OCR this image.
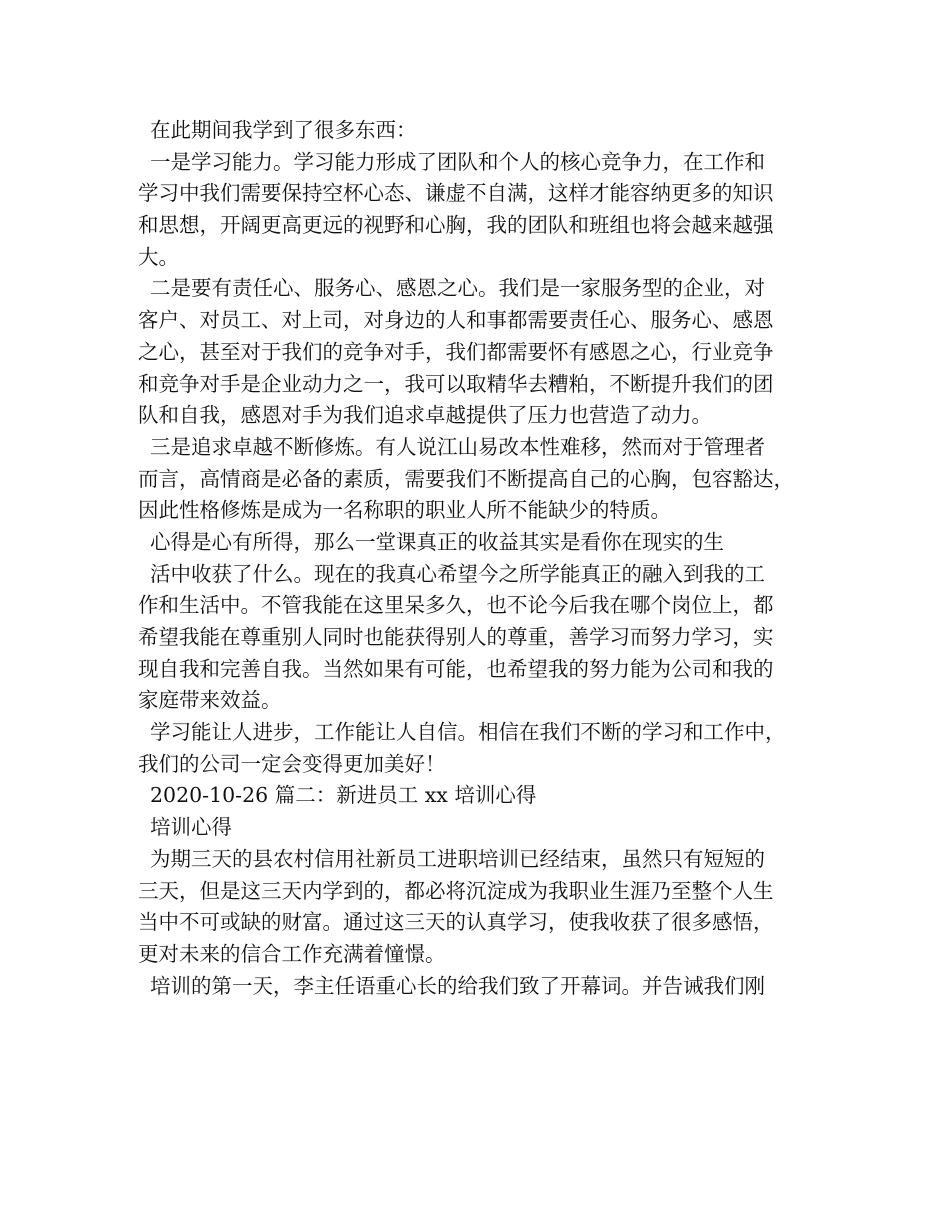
在此期间我学到了很多东西：
一是学习能力。学习能力形成了团队和个人的核心竞争力，在工作和
学习中我们需要保持空杯心态、谦虚不自满，这样才能容纳更多的知识
和思想，开阔更高更远的视野和心胸，我的团队和班组也将会越来越强
大。
二是要有责任心、服务心、感恩之心。我们是一家服务型的企业，对
客户、对员工、对上司，对身边的人和事都需要责任心、服务心、感恩
之心，甚至对于我们的竞争对手，我们都需要怀有感恩之心，行业竞争
和竞争对手是企业动力之一，我可以取精华去糟粕，不断提升我们的团
队和自我，感恩对手为我们追求卓越提供了压力也营造了动力。
三是追求卓越不断修炼。有人说江山易改本性难移，然而对于管理者
而言，高情商是必备的素质，需要我们不断提高自己的心胸，包容豁达，
因此性格修炼是成为一名称职的职业人所不能缺少的特质。
心得是心有所得，那么一堂课真正的收益其实是看你在现实的生
活中收获了什么。现在的我真心希望今之所学能真正的融入到我的工
作和生活中。不管我能在这里呆多久，也不论今后我在哪个岗位上，都
希望我能在尊重别人同时也能获得别人的尊重，善学习而努力学习，实
现自我和完善自我。当然如果有可能，也希望我的努力能为公司和我的
家庭带来效益。
学习能让人进步，工作能让人自信。相信在我们不断的学习和工作中，
我们的公司一定会变得更加美好！
2020-10-26 篇二：新进员工 xx 培训心得
培训心得
为期三天的县农村信用社新员工进职培训已经结束，虽然只有短短的
三天，但是这三天内学到的，都必将沉淀成为我职业生涯乃至整个人生
当中不可或缺的财富。通过这三天的认真学习，使我收获了很多感悟，
更对未来的信合工作充满着憧憬。
培训的第一天，李主任语重心长的给我们致了开幕词。并告诫我们刚
